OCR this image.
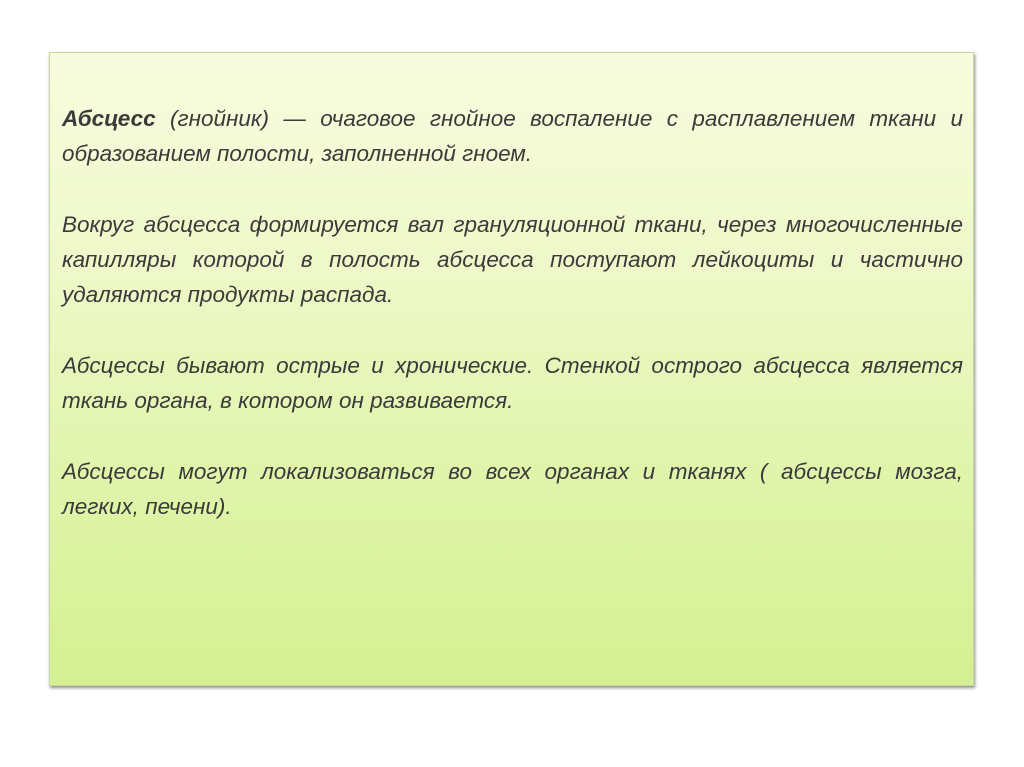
Абсцесс (гнойник) — очаговое гнойное воспаление с расплавлением ткани и образованием полости, заполненной гноем.

Вокруг абсцесса формируется вал грануляционной ткани, через многочисленные капилляры которой в полость абсцесса поступают лейкоциты и частично удаляются продукты распада.

Абсцессы бывают острые и хронические. Стенкой острого абсцесса является ткань органа, в котором он развивается.

Абсцессы могут локализоваться во всех органах и тканях ( абсцессы мозга, легких, печени).
